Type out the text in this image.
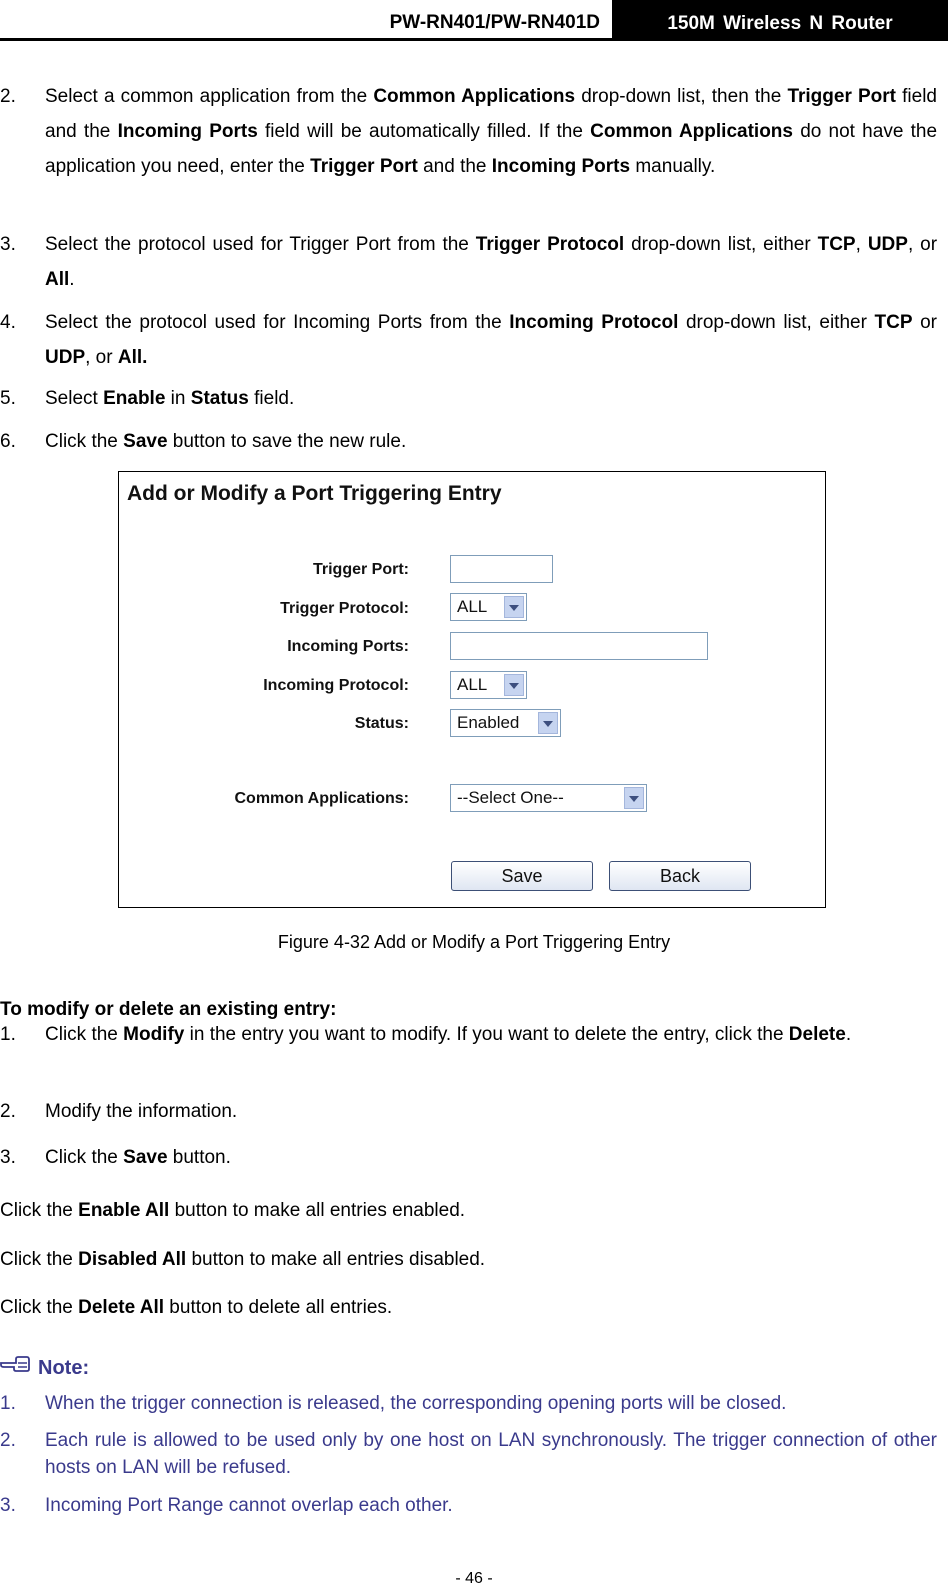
PW-RN401/PW-RN401D	150M Wireless N Router
2. Select a common application from the Common Applications drop-down list, then the Trigger Port field and the Incoming Ports field will be automatically filled. If the Common Applications do not have the application you need, enter the Trigger Port and the Incoming Ports manually.
3. Select the protocol used for Trigger Port from the Trigger Protocol drop-down list, either TCP, UDP, or All.
4. Select the protocol used for Incoming Ports from the Incoming Protocol drop-down list, either TCP or UDP, or All.
5. Select Enable in Status field.
6. Click the Save button to save the new rule.
Add or Modify a Port Triggering Entry
Trigger Port:
Trigger Protocol:	ALL
Incoming Ports:
Incoming Protocol:	ALL
Status:	Enabled
Common Applications:	--Select One--
Save	Back
Figure 4-32 Add or Modify a Port Triggering Entry
To modify or delete an existing entry:
1. Click the Modify in the entry you want to modify. If you want to delete the entry, click the Delete.
2. Modify the information.
3. Click the Save button.
Click the Enable All button to make all entries enabled.
Click the Disabled All button to make all entries disabled.
Click the Delete All button to delete all entries.
Note:
1. When the trigger connection is released, the corresponding opening ports will be closed.
2. Each rule is allowed to be used only by one host on LAN synchronously. The trigger connection of other hosts on LAN will be refused.
3. Incoming Port Range cannot overlap each other.
- 46 -
